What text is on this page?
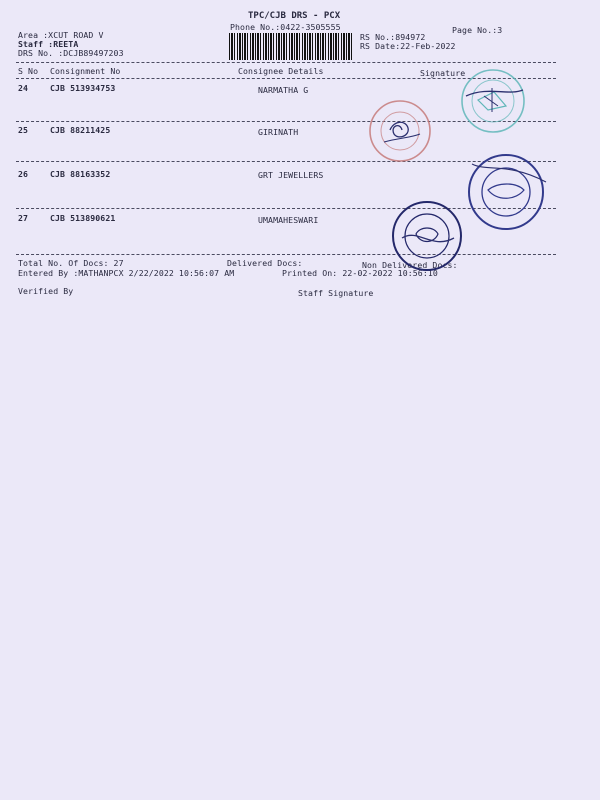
TPC/CJB DRS - PCX
Phone No.:0422-3505555	Page No.:3
Area :XCUT ROAD V
Staff :REETA
DRS No. :DCJB89497203
RS No.:894972
RS Date:22-Feb-2022
S No Consignment No	Consignee Details	Signature
24	CJB 513934753	NARMATHA G
25	CJB 88211425	GIRINATH
26	CJB 88163352	GRT JEWELLERS
27	CJB 513890621	UMAMAHESWARI
Total No. Of Docs: 27	Delivered Docs:	Non Delivered Docs:
Entered By :MATHANPCX 2/22/2022 10:56:07 AM	Printed On: 22-02-2022 10:56:10
Verified By	Staff Signature
